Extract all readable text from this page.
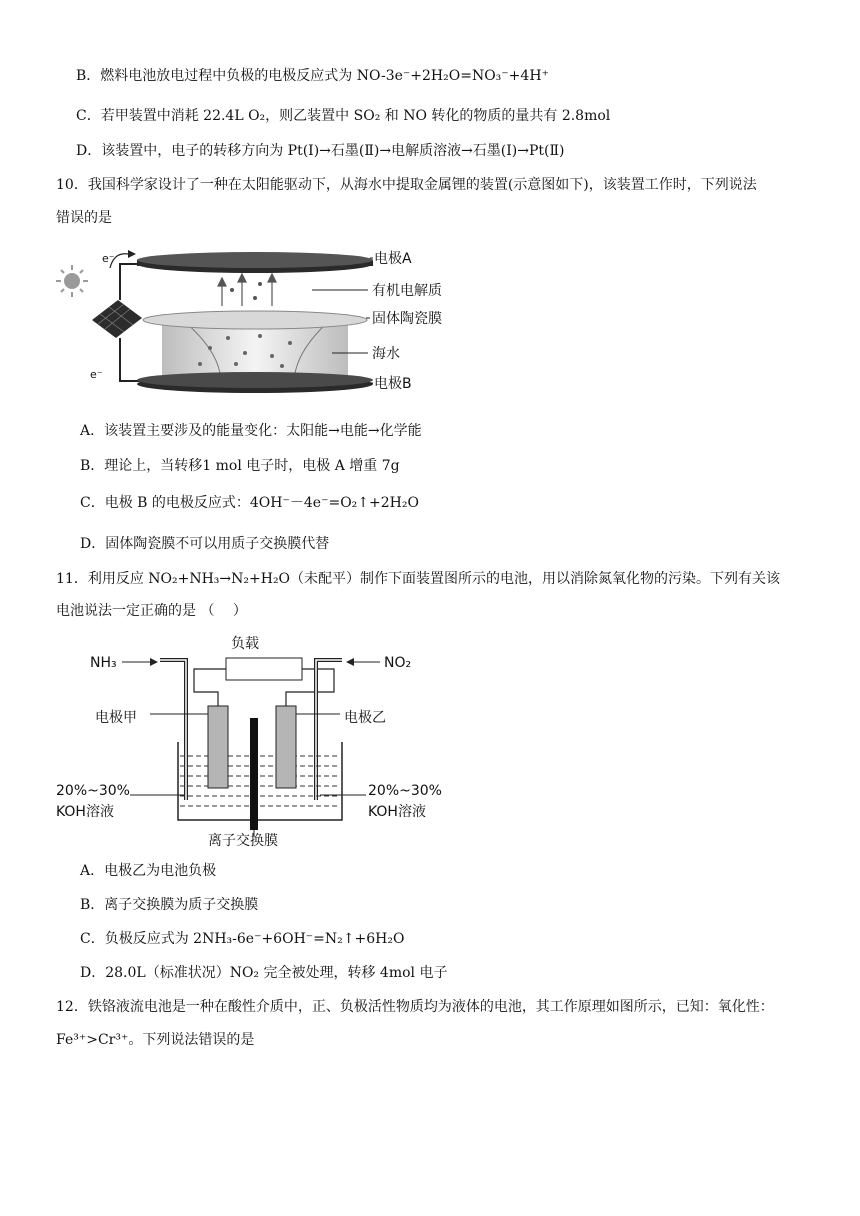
B．燃料电池放电过程中负极的电极反应式为 NO-3e⁻+2H₂O=NO₃⁻+4H⁺
C．若甲装置中消耗 22.4L O₂，则乙装置中 SO₂ 和 NO 转化的物质的量共有 2.8mol
D．该装置中，电子的转移方向为 Pt(Ⅰ)→石墨(Ⅱ)→电解质溶液→石墨(Ⅰ)→Pt(Ⅱ)
10．我国科学家设计了一种在太阳能驱动下，从海水中提取金属锂的装置(示意图如下)，该装置工作时，下列说法
错误的是
e⁻
e⁻
电极A
有机电解质
固体陶瓷膜
海水
电极B
A．该装置主要涉及的能量变化：太阳能→电能→化学能
B．理论上，当转移1 mol 电子时，电极 A 增重 7g
C．电极 B 的电极反应式：4OH⁻－4e⁻=O₂↑+2H₂O
D．固体陶瓷膜不可以用质子交换膜代替
11．利用反应 NO₂+NH₃→N₂+H₂O（未配平）制作下面装置图所示的电池，用以消除氮氧化物的污染。下列有关该
电池说法一定正确的是 （　 ）
负载
NH₃	NO₂
电极甲	电极乙
20%~30%
KOH溶液
20%~30%
KOH溶液
离子交换膜
A．电极乙为电池负极
B．离子交换膜为质子交换膜
C．负极反应式为 2NH₃-6e⁻+6OH⁻=N₂↑+6H₂O
D．28.0L（标准状况）NO₂ 完全被处理，转移 4mol 电子
12．铁铬液流电池是一种在酸性介质中，正、负极活性物质均为液体的电池，其工作原理如图所示，已知：氧化性：
Fe³⁺>Cr³⁺。下列说法错误的是
